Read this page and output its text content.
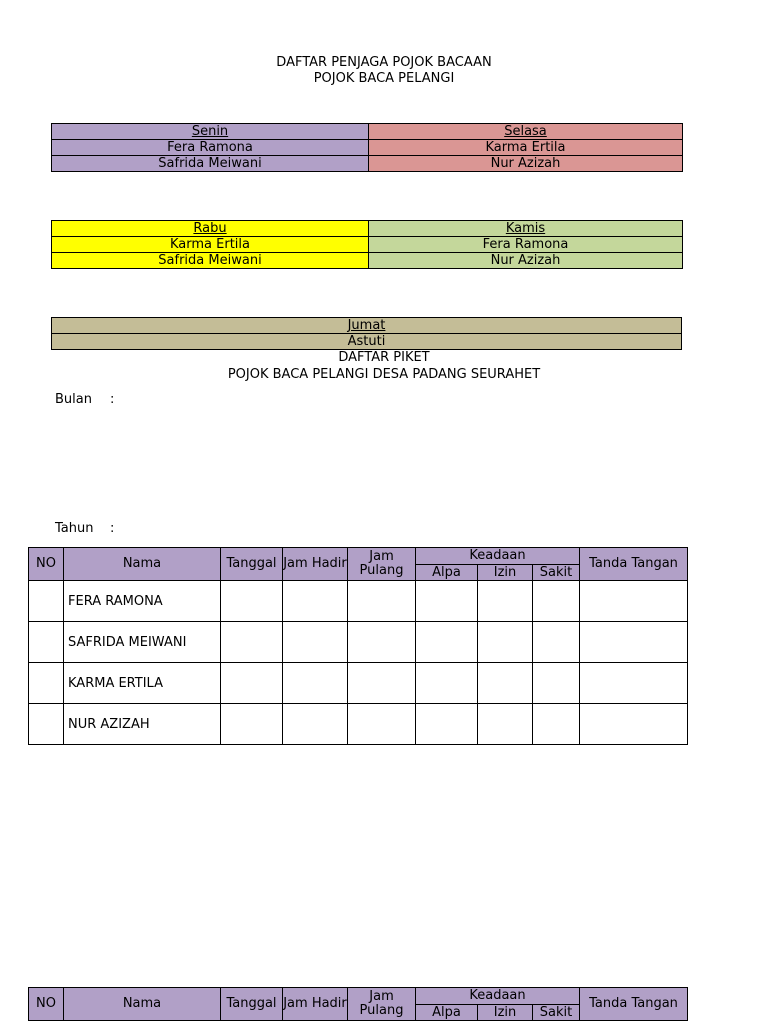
DAFTAR PENJAGA POJOK BACAAN
POJOK BACA PELANGI
Senin	Selasa
Fera Ramona	Karma Ertila
Safrida Meiwani	Nur Azizah
Rabu	Kamis
Karma Ertila	Fera Ramona
Safrida Meiwani	Nur Azizah
Jumat
Astuti
DAFTAR PIKET
POJOK BACA PELANGI DESA PADANG SEURAHET
Bulan :
Tahun :
NO	Nama	Tanggal	Jam Hadir	Jam Pulang	Keadaan			Tanda Tangan
					Alpa	Izin	Sakit	
	FERA RAMONA							
	SAFRIDA MEIWANI							
	KARMA ERTILA							
	NUR AZIZAH							
NO	Nama	Tanggal	Jam Hadir	Jam Pulang	Keadaan			Tanda Tangan
					Alpa	Izin	Sakit	
